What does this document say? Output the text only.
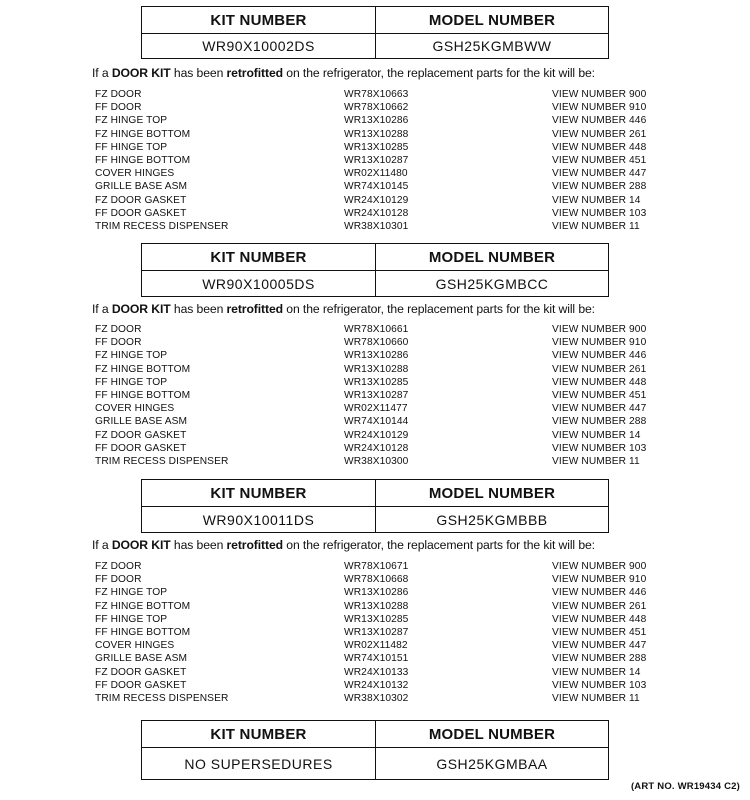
KIT NUMBER	MODEL NUMBER
WR90X10002DS	GSH25KGMBWW
If a DOOR KIT has been retrofitted on the refrigerator, the replacement parts for the kit will be:
FZ DOOR	WR78X10663	VIEW NUMBER 900
FF DOOR	WR78X10662	VIEW NUMBER 910
FZ HINGE TOP	WR13X10286	VIEW NUMBER 446
FZ HINGE BOTTOM	WR13X10288	VIEW NUMBER 261
FF HINGE TOP	WR13X10285	VIEW NUMBER 448
FF HINGE BOTTOM	WR13X10287	VIEW NUMBER 451
COVER HINGES	WR02X11480	VIEW NUMBER 447
GRILLE BASE ASM	WR74X10145	VIEW NUMBER 288
FZ DOOR GASKET	WR24X10129	VIEW NUMBER 14
FF DOOR GASKET	WR24X10128	VIEW NUMBER 103
TRIM RECESS DISPENSER	WR38X10301	VIEW NUMBER 11
KIT NUMBER	MODEL NUMBER
WR90X10005DS	GSH25KGMBCC
If a DOOR KIT has been retrofitted on the refrigerator, the replacement parts for the kit will be:
FZ DOOR	WR78X10661	VIEW NUMBER 900
FF DOOR	WR78X10660	VIEW NUMBER 910
FZ HINGE TOP	WR13X10286	VIEW NUMBER 446
FZ HINGE BOTTOM	WR13X10288	VIEW NUMBER 261
FF HINGE TOP	WR13X10285	VIEW NUMBER 448
FF HINGE BOTTOM	WR13X10287	VIEW NUMBER 451
COVER HINGES	WR02X11477	VIEW NUMBER 447
GRILLE BASE ASM	WR74X10144	VIEW NUMBER 288
FZ DOOR GASKET	WR24X10129	VIEW NUMBER 14
FF DOOR GASKET	WR24X10128	VIEW NUMBER 103
TRIM RECESS DISPENSER	WR38X10300	VIEW NUMBER 11
KIT NUMBER	MODEL NUMBER
WR90X10011DS	GSH25KGMBBB
If a DOOR KIT has been retrofitted on the refrigerator, the replacement parts for the kit will be:
FZ DOOR	WR78X10671	VIEW NUMBER 900
FF DOOR	WR78X10668	VIEW NUMBER 910
FZ HINGE TOP	WR13X10286	VIEW NUMBER 446
FZ HINGE BOTTOM	WR13X10288	VIEW NUMBER 261
FF HINGE TOP	WR13X10285	VIEW NUMBER 448
FF HINGE BOTTOM	WR13X10287	VIEW NUMBER 451
COVER HINGES	WR02X11482	VIEW NUMBER 447
GRILLE BASE ASM	WR74X10151	VIEW NUMBER 288
FZ DOOR GASKET	WR24X10133	VIEW NUMBER 14
FF DOOR GASKET	WR24X10132	VIEW NUMBER 103
TRIM RECESS DISPENSER	WR38X10302	VIEW NUMBER 11
KIT NUMBER	MODEL NUMBER
NO SUPERSEDURES	GSH25KGMBAA
(ART NO. WR19434 C2)
